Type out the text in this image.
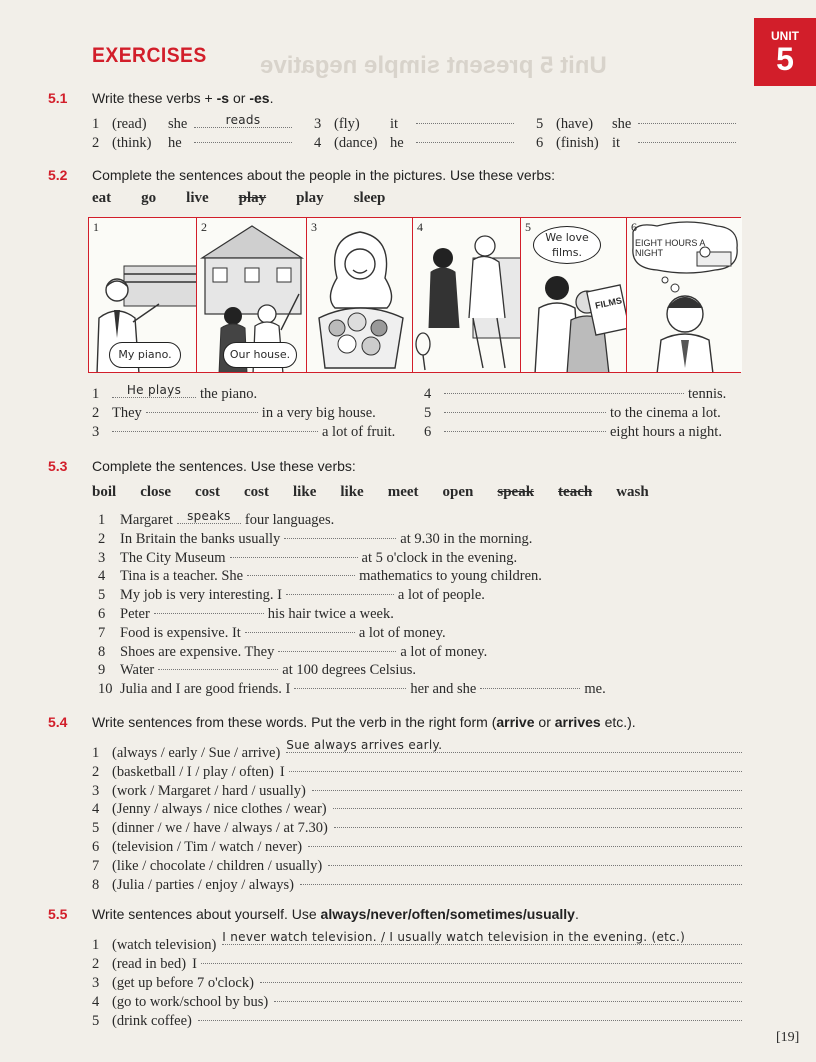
Unit 5 present simple negative
EXERCISES
UNIT
5
5.1 Write these verbs + -s or -es.
1 (read) she	reads
2 (think) he
3 (fly) it
4 (dance) he
5 (have) she
6 (finish) it
5.2 Complete the sentences about the people in the pictures. Use these verbs:
eat go live play play sleep
1
My piano.
2
Our house.
3	4	5
FILMS
We love films.
6
EIGHT HOURS A NIGHT
1 He plays the piano.
2 They	in a very big house.
3	a lot of fruit.
4	tennis.
5	to the cinema a lot.
6	eight hours a night.
5.3 Complete the sentences. Use these verbs:
boil close cost cost like like meet open speak teach wash
1 Margaret speaks four languages.
2 In Britain the banks usually	at 9.30 in the morning.
3 The City Museum	at 5 o'clock in the evening.
4 Tina is a teacher. She	mathematics to young children.
5 My job is very interesting. I	a lot of people.
6 Peter	his hair twice a week.
7 Food is expensive. It	a lot of money.
8 Shoes are expensive. They	a lot of money.
9 Water	at 100 degrees Celsius.
10 Julia and I are good friends. I	her and she	me.
5.4 Write sentences from these words. Put the verb in the right form (arrive or arrives etc.).
1 (always / early / Sue / arrive) Sue always arrives early.
2 (basketball / I / play / often) I
3 (work / Margaret / hard / usually)
4 (Jenny / always / nice clothes / wear)
5 (dinner / we / have / always / at 7.30)
6 (television / Tim / watch / never)
7 (like / chocolate / children / usually)
8 (Julia / parties / enjoy / always)
5.5 Write sentences about yourself. Use always/never/often/sometimes/usually.
1 (watch television) I never watch television. / I usually watch television in the evening. (etc.)
2 (read in bed) I
3 (get up before 7 o'clock)
4 (go to work/school by bus)
5 (drink coffee)
[19]
